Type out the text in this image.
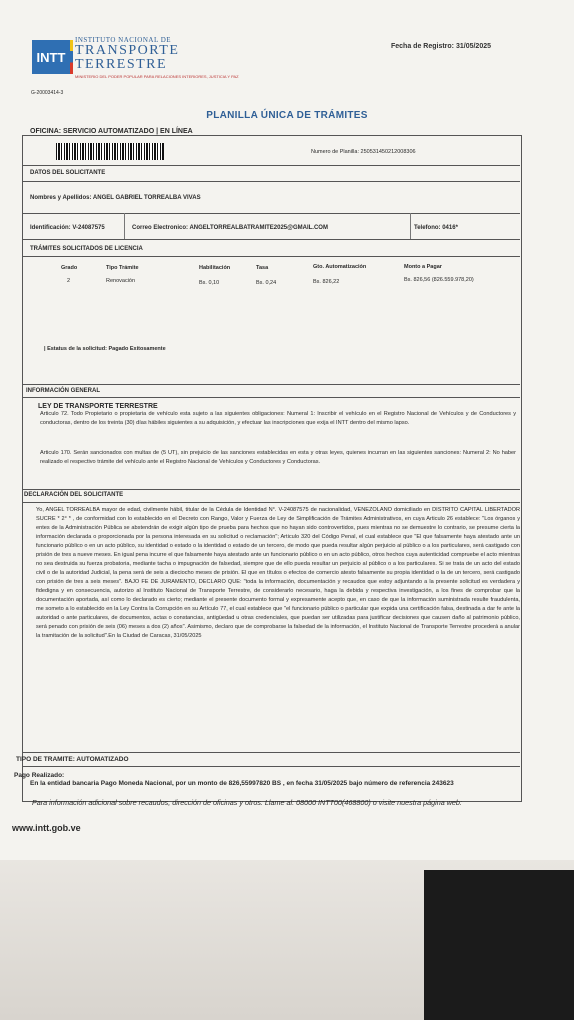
INTT
INSTITUTO NACIONAL DE
TRANSPORTE
TERRESTRE
MINISTERIO DEL PODER POPULAR PARA RELACIONES INTERIORES, JUSTICIA Y PAZ
G-20003414-3
Fecha de Registro: 31/05/2025
PLANILLA ÚNICA DE TRÁMITES
OFICINA: SERVICIO AUTOMATIZADO | EN LÍNEA
Numero de Planilla: 250531450212008306
DATOS DEL SOLICITANTE
Nombres y Apellidos: ANGEL GABRIEL TORREALBA VIVAS
Identificación: V-24087575	Correo Electronico: ANGELTORREALBATRAMITE2025@GMAIL.COM	Telefono: 0416*
TRÁMITES SOLICITADOS DE LICENCIA
Grado	Tipo Trámite	Habilitación	Tasa	Gto. Automatización	Monto a Pagar
2	Renovación	Bs. 0,10	Bs. 0,24	Bs. 826,22	Bs. 826,56 (826.559.978,20)
| Estatus de la solicitud: Pagado Exitosamente
INFORMACIÓN GENERAL
LEY DE TRANSPORTE TERRESTRE
Articulo 72. Todo Propietario o propietaria de vehículo esta sujeto a las siguientes obligaciones: Numeral 1: Inscribir el vehículo en el Registro Nacional de Vehículos y de Conductores y conductoras, dentro de los treinta (30) días hábiles siguientes a su adquisición, y efectuar las inscripciones que exija el INTT dentro del mismo lapso.
Articulo 170. Serán sancionados con multas de (5 UT), sin prejuicio de las sanciones establecidas en esta y otras leyes, quienes incurran en las siguientes sanciones: Numeral 2: No haber realizado el respectivo trámite del vehículo ante el Registro Nacional de Vehículos y Conductores y Conductoras.
DECLARACIÓN DEL SOLICITANTE
Yo, ANGEL TORREALBA mayor de edad, civilmente hábil, titular de la Cédula de Identidad N°. V-24087575 de nacionalidad, VENEZOLANO domiciliado en DISTRITO CAPITAL LIBERTADOR SUCRE * 2° * , de conformidad con lo establecido en el Decreto con Rango, Valor y Fuerza de Ley de Simplificación de Trámites Administrativos, en cuya Articulo 26 establece: "Los órganos y entes de la Administración Pública se abstendrán de exigir algún tipo de prueba para hechos que no hayan sido controvertidos, pues mientras no se demuestre lo contrario, se presume cierta la información declarada o proporcionada por la persona interesada en su solicitud o reclamación"; Articulo 320 del Código Penal, el cual establece que "El que falsamente haya atestado ante un funcionario público o en un acto público, su identidad o estado o la identidad o estado de un tercero, de modo que pueda resultar algún perjuicio al público o a los particulares, será castigado con prisión de tres a nueve meses. En igual pena incurre el que falsamente haya atestado ante un funcionario público o en un acto público, otros hechos cuya autenticidad compruebe el acto mientras no sea destruida su fuerza probatoria, mediante tacha o impugnación de falsedad, siempre que de ello pueda resultar un perjuicio al público o a los particulares. Si se trata de un acto del estado civil o de la autoridad Judicial, la pena será de seis a dieciocho meses de prisión. El que en títulos o efectos de comercio atesto falsamente su propia identidad o la de un tercero, será castigado con prisión de tres a seis meses". BAJO FE DE JURAMENTO, DECLARO QUE: "toda la información, documentación y recaudos que estoy adjuntando a la presente solicitud es verdadera y fidedigna y en consecuencia, autorizo al Instituto Nacional de Transporte Terrestre, de considerarlo necesario, haga la debida y respectiva investigación, a los fines de comprobar que la documentación aportada, así como lo declarado es cierto; mediante el presente documento formal y expresamente acepto que, en caso de que la información suministrada resulte fraudulenta, me someto a lo establecido en la Ley Contra la Corrupción en su Artículo 77, el cual establece que "el funcionario público o particular que expida una certificación falsa, destinada a dar fe ante la autoridad o ante particulares, de documentos, actas o constancias, antigüedad u otras credenciales, que puedan ser utilizadas para justificar decisiones que causen daño al patrimonio público, será penado con prisión de seis (06) meses a dos (2) años". Asimismo, declaro que de comprobarse la falsedad de la información, el Instituto Nacional de Transporte Terrestre procederá a anular la tramitación de la solicitud".En la Ciudad de Caracas, 31/05/2025
TIPO DE TRAMITE: AUTOMATIZADO
Pago Realizado:
En la entidad bancaria Pago Moneda Nacional, por un monto de 826,55997820 BS , en fecha 31/05/2025 bajo número de referencia 243623
Para información adicional sobre recaudos, dirección de oficinas y otros. Llame al: 08000 INTT00(468800) o visite nuestra página web:
www.intt.gob.ve
